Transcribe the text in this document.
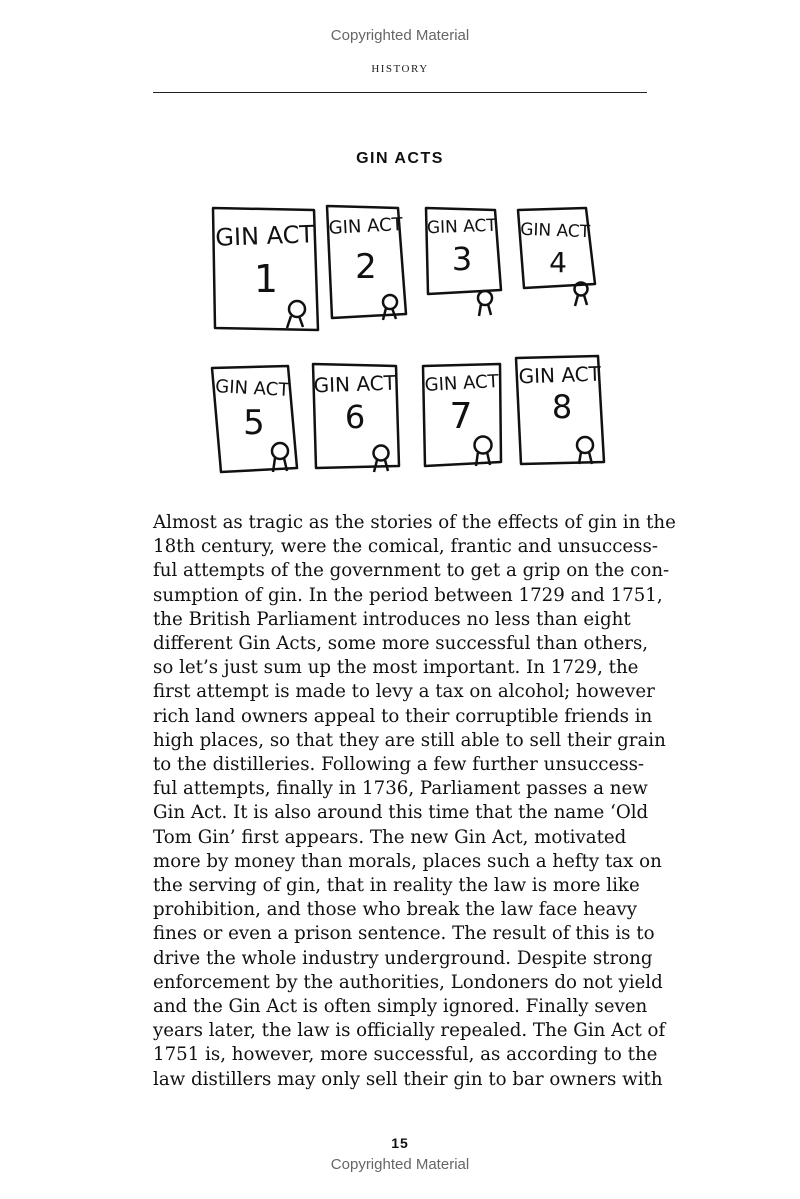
Copyrighted Material
HISTORY
GIN ACTS
GIN ACT
1
GIN ACT
2
GIN ACT
3
GIN ACT
4
GIN ACT
5
GIN ACT
6
GIN ACT
7
GIN ACT
8

Almost as tragic as the stories of the effects of gin in the
18th century, were the comical, frantic and unsuccess-
ful attempts of the government to get a grip on the con-
sumption of gin. In the period between 1729 and 1751,
the British Parliament introduces no less than eight
different Gin Acts, some more successful than others,
so let’s just sum up the most important. In 1729, the
first attempt is made to levy a tax on alcohol; however
rich land owners appeal to their corruptible friends in
high places, so that they are still able to sell their grain
to the distilleries. Following a few further unsuccess-
ful attempts, finally in 1736, Parliament passes a new
Gin Act. It is also around this time that the name ‘Old
Tom Gin’ first appears. The new Gin Act, motivated
more by money than morals, places such a hefty tax on
the serving of gin, that in reality the law is more like
prohibition, and those who break the law face heavy
fines or even a prison sentence. The result of this is to
drive the whole industry underground. Despite strong
enforcement by the authorities, Londoners do not yield
and the Gin Act is often simply ignored. Finally seven
years later, the law is officially repealed. The Gin Act of
1751 is, however, more successful, as according to the
law distillers may only sell their gin to bar owners with

15
Copyrighted Material
